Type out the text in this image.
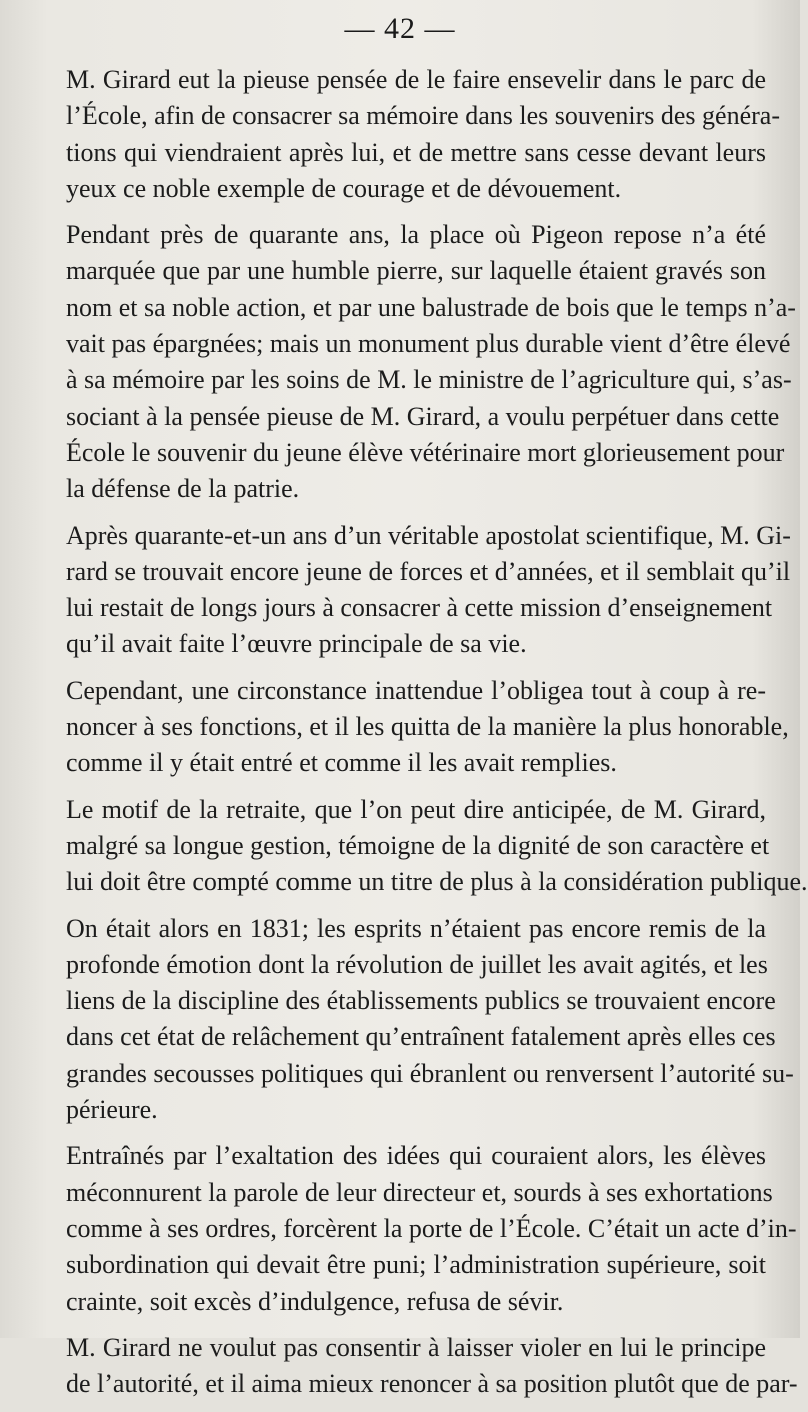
— 42 —
M. Girard eut la pieuse pensée de le faire ensevelir dans le parc de
l’École, afin de consacrer sa mémoire dans les souvenirs des généra-
tions qui viendraient après lui, et de mettre sans cesse devant leurs
yeux ce noble exemple de courage et de dévouement.
Pendant près de quarante ans, la place où Pigeon repose n’a été
marquée que par une humble pierre, sur laquelle étaient gravés son
nom et sa noble action, et par une balustrade de bois que le temps n’a-
vait pas épargnées; mais un monument plus durable vient d’être élevé
à sa mémoire par les soins de M. le ministre de l’agriculture qui, s’as-
sociant à la pensée pieuse de M. Girard, a voulu perpétuer dans cette
École le souvenir du jeune élève vétérinaire mort glorieusement pour
la défense de la patrie.
Après quarante-et-un ans d’un véritable apostolat scientifique, M. Gi-
rard se trouvait encore jeune de forces et d’années, et il semblait qu’il
lui restait de longs jours à consacrer à cette mission d’enseignement
qu’il avait faite l’œuvre principale de sa vie.
Cependant, une circonstance inattendue l’obligea tout à coup à re-
noncer à ses fonctions, et il les quitta de la manière la plus honorable,
comme il y était entré et comme il les avait remplies.
Le motif de la retraite, que l’on peut dire anticipée, de M. Girard,
malgré sa longue gestion, témoigne de la dignité de son caractère et
lui doit être compté comme un titre de plus à la considération publique.
On était alors en 1831; les esprits n’étaient pas encore remis de la
profonde émotion dont la révolution de juillet les avait agités, et les
liens de la discipline des établissements publics se trouvaient encore
dans cet état de relâchement qu’entraînent fatalement après elles ces
grandes secousses politiques qui ébranlent ou renversent l’autorité su-
périeure.
Entraînés par l’exaltation des idées qui couraient alors, les élèves
méconnurent la parole de leur directeur et, sourds à ses exhortations
comme à ses ordres, forcèrent la porte de l’École. C’était un acte d’in-
subordination qui devait être puni; l’administration supérieure, soit
crainte, soit excès d’indulgence, refusa de sévir.
M. Girard ne voulut pas consentir à laisser violer en lui le principe
de l’autorité, et il aima mieux renoncer à sa position plutôt que de par-
